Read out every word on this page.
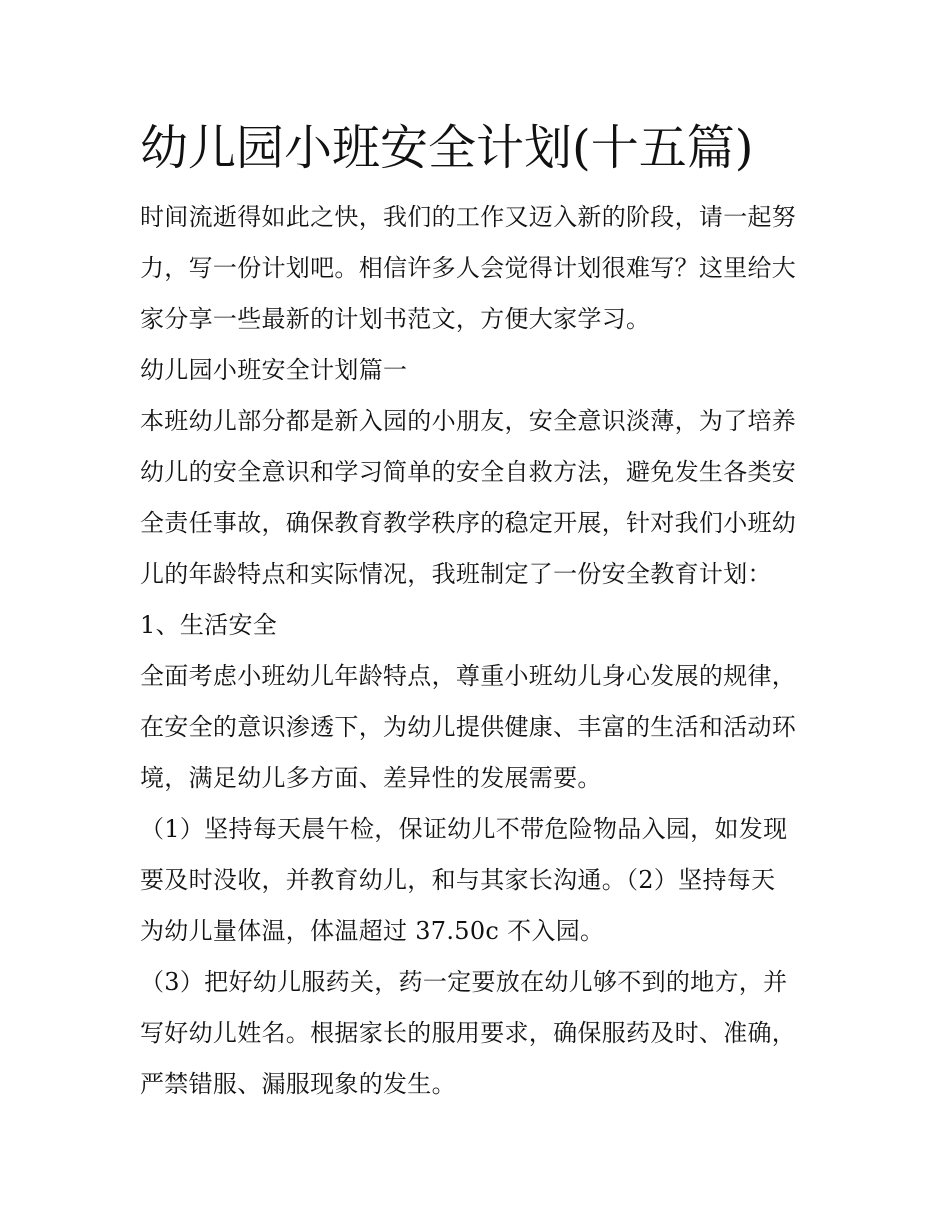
幼儿园小班安全计划(十五篇)

时间流逝得如此之快，我们的工作又迈入新的阶段，请一起努

力，写一份计划吧。相信许多人会觉得计划很难写？这里给大

家分享一些最新的计划书范文，方便大家学习。

幼儿园小班安全计划篇一

本班幼儿部分都是新入园的小朋友，安全意识淡薄，为了培养

幼儿的安全意识和学习简单的安全自救方法，避免发生各类安

全责任事故，确保教育教学秩序的稳定开展，针对我们小班幼

儿的年龄特点和实际情况，我班制定了一份安全教育计划：

1、生活安全

全面考虑小班幼儿年龄特点，尊重小班幼儿身心发展的规律，

在安全的意识渗透下，为幼儿提供健康、丰富的生活和活动环

境，满足幼儿多方面、差异性的发展需要。

（1）坚持每天晨午检，保证幼儿不带危险物品入园，如发现

要及时没收，并教育幼儿，和与其家长沟通。（2）坚持每天

为幼儿量体温，体温超过 37.50c 不入园。

（3）把好幼儿服药关，药一定要放在幼儿够不到的地方，并

写好幼儿姓名。根据家长的服用要求，确保服药及时、准确，

严禁错服、漏服现象的发生。
